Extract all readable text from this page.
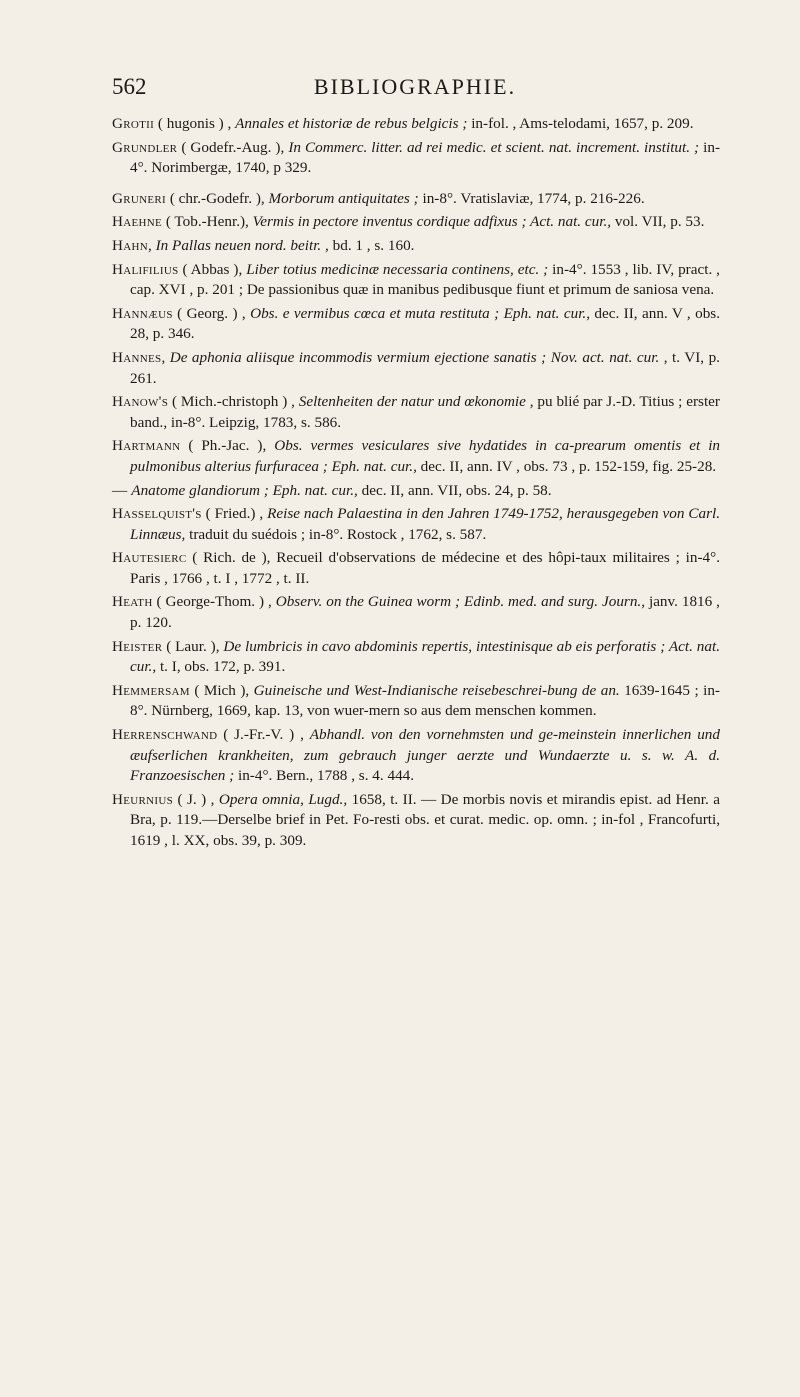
562	BIBLIOGRAPHIE.

Grotii ( hugonis ) , Annales et historiæ de rebus belgicis ; in-fol. , Ams-telodami, 1657, p. 209.

Grundler ( Godefr.-Aug. ), In Commerc. litter. ad rei medic. et scient. nat. increment. institut. ; in-4°. Norimbergæ, 1740, p 329.

Gruneri ( chr.-Godefr. ), Morborum antiquitates ; in-8°. Vratislaviæ, 1774, p. 216-226.

Haehne ( Tob.-Henr.), Vermis in pectore inventus cordique adfixus ; Act. nat. cur., vol. VII, p. 53.

Hahn, In Pallas neuen nord. beitr. , bd. 1 , s. 160.

Halifilius ( Abbas ), Liber totius medicinæ necessaria continens, etc. ; in-4°. 1553 , lib. IV, pract. , cap. XVI , p. 201 ; De passionibus quæ in manibus pedibusque fiunt et primum de saniosa vena.

Hannæus ( Georg. ) , Obs. e vermibus cœca et muta restituta ; Eph. nat. cur., dec. II, ann. V , obs. 28, p. 346.

Hannes, De aphonia aliisque incommodis vermium ejectione sanatis ; Nov. act. nat. cur. , t. VI, p. 261.

Hanow's ( Mich.-christoph ) , Seltenheiten der natur und œkonomie , pu blié par J.-D. Titius ; erster band., in-8°. Leipzig, 1783, s. 586.

Hartmann ( Ph.-Jac. ), Obs. vermes vesiculares sive hydatides in ca-prearum omentis et in pulmonibus alterius furfuracea ; Eph. nat. cur., dec. II, ann. IV , obs. 73 , p. 152-159, fig. 25-28.

— Anatome glandiorum ; Eph. nat. cur., dec. II, ann. VII, obs. 24, p. 58.

Hasselquist's ( Fried.) , Reise nach Palaestina in den Jahren 1749-1752, herausgegeben von Carl. Linnæus, traduit du suédois ; in-8°. Rostock , 1762, s. 587.

Hautesierc ( Rich. de ), Recueil d'observations de médecine et des hôpi-taux militaires ; in-4°. Paris , 1766 , t. I , 1772 , t. II.

Heath ( George-Thom. ) , Observ. on the Guinea worm ; Edinb. med. and surg. Journ., janv. 1816 , p. 120.

Heister ( Laur. ), De lumbricis in cavo abdominis repertis, intestinisque ab eis perforatis ; Act. nat. cur., t. I, obs. 172, p. 391.

Hemmersam ( Mich ), Guineische und West-Indianische reisebeschrei-bung de an. 1639-1645 ; in-8°. Nürnberg, 1669, kap. 13, von wuer-mern so aus dem menschen kommen.

Herrenschwand ( J.-Fr.-V. ) , Abhandl. von den vornehmsten und ge-meinstein innerlichen und æufserlichen krankheiten, zum gebrauch junger aerzte und Wundaerzte u. s. w. A. d. Franzoesischen ; in-4°. Bern., 1788 , s. 4. 444.

Heurnius ( J. ) , Opera omnia, Lugd., 1658, t. II. — De morbis novis et mirandis epist. ad Henr. a Bra, p. 119.—Derselbe brief in Pet. Fo-resti obs. et curat. medic. op. omn. ; in-fol , Francofurti, 1619 , l. XX, obs. 39, p. 309.
